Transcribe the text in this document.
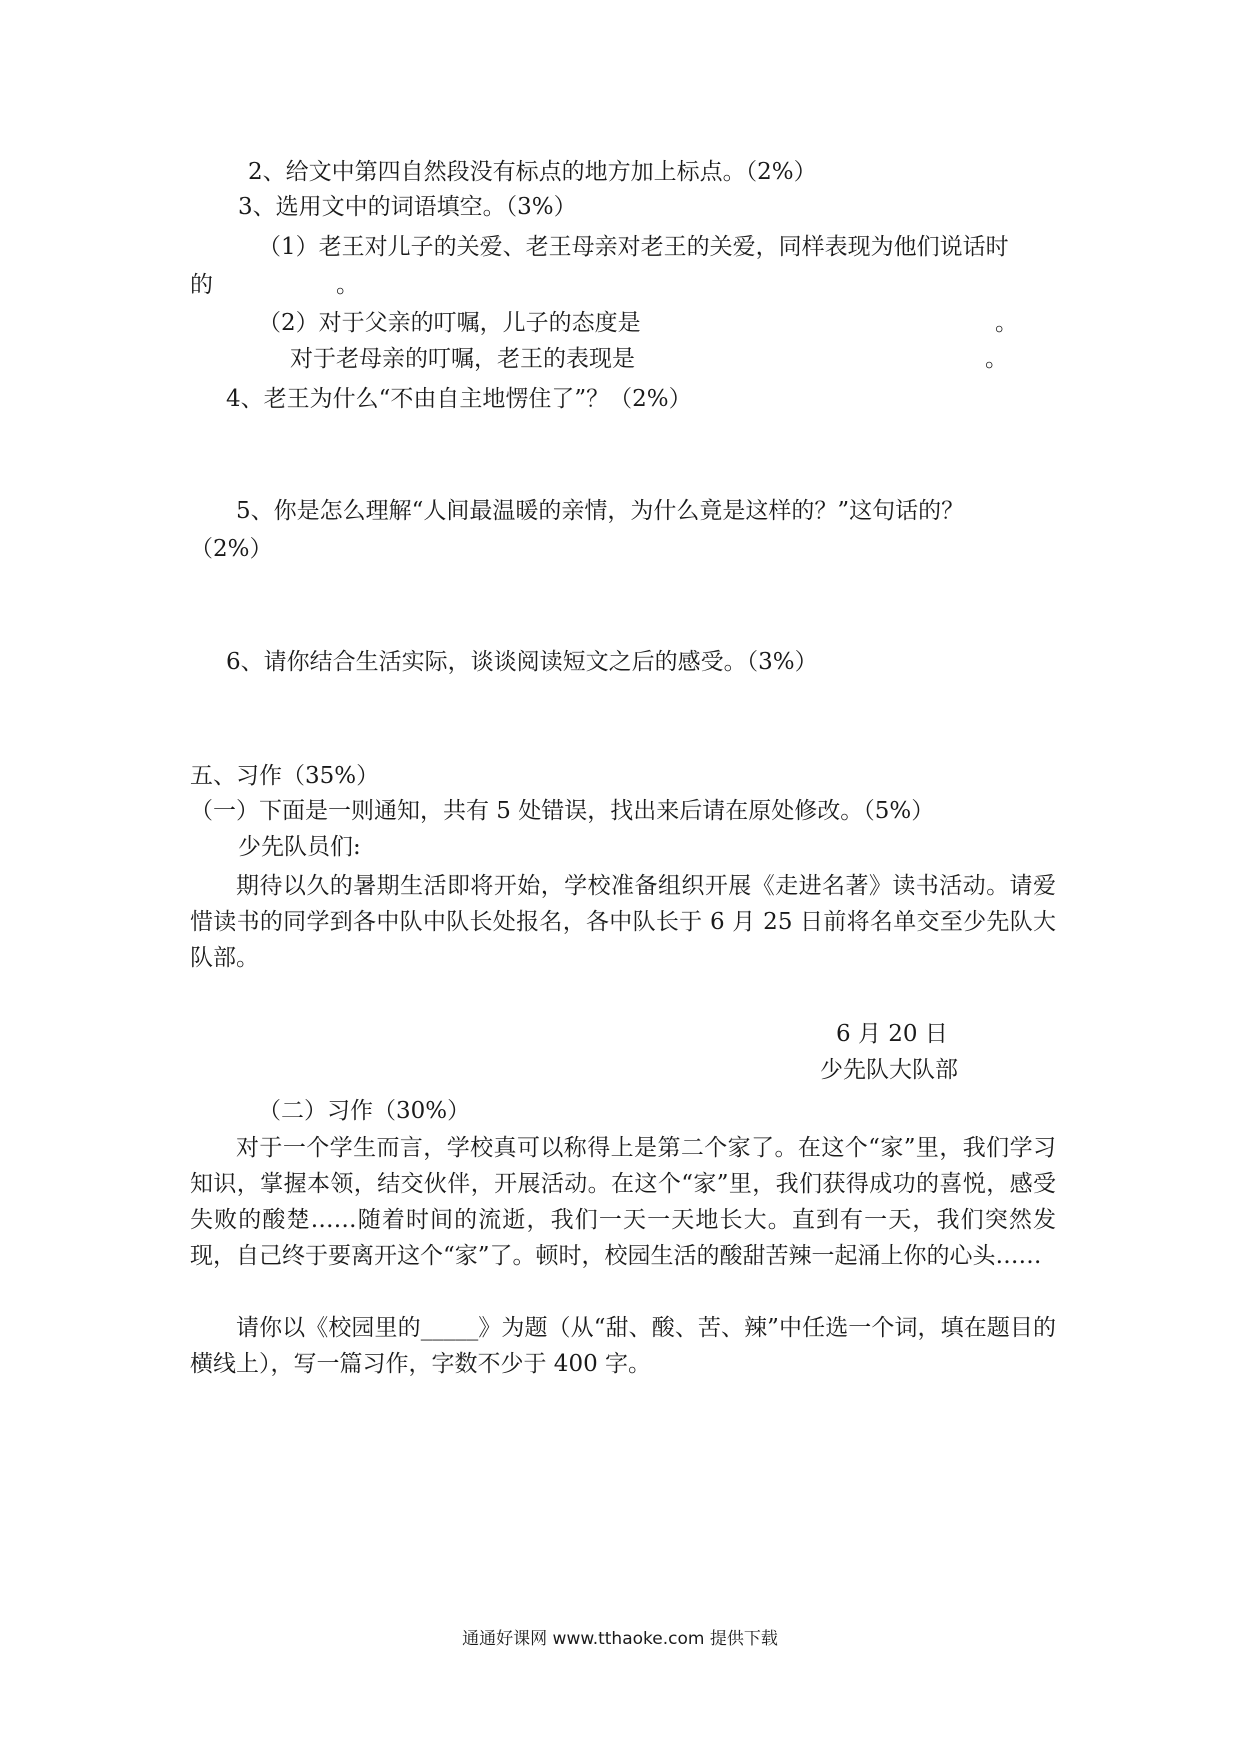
2、给文中第四自然段没有标点的地方加上标点。（2%）
3、选用文中的词语填空。（3%）
（1）老王对儿子的关爱、老王母亲对老王的关爱，同样表现为他们说话时
的	。
（2）对于父亲的叮嘱，儿子的态度是	。
对于老母亲的叮嘱，老王的表现是	。
4、老王为什么“不由自主地愣住了”？（2%）
5、你是怎么理解“人间最温暖的亲情，为什么竟是这样的？”这句话的？
（2%）
6、请你结合生活实际，谈谈阅读短文之后的感受。（3%）
五、习作（35%）
（一）下面是一则通知，共有 5 处错误，找出来后请在原处修改。（5%）
少先队员们:
期待以久的暑期生活即将开始，学校准备组织开展《走进名著》读书活动。请爱惜读书的同学到各中队中队长处报名，各中队长于 6 月 25 日前将名单交至少先队大队部。
6 月 20 日
少先队大队部
（二）习作（30%）
对于一个学生而言，学校真可以称得上是第二个家了。在这个“家”里，我们学习知识，掌握本领，结交伙伴，开展活动。在这个“家”里，我们获得成功的喜悦，感受失败的酸楚……随着时间的流逝，我们一天一天地长大。直到有一天，我们突然发现，自己终于要离开这个“家”了。顿时，校园生活的酸甜苦辣一起涌上你的心头……
请你以《校园里的_____》为题（从“甜、酸、苦、辣”中任选一个词，填在题目的横线上），写一篇习作，字数不少于 400 字。
通通好课网 www.tthaoke.com 提供下载
